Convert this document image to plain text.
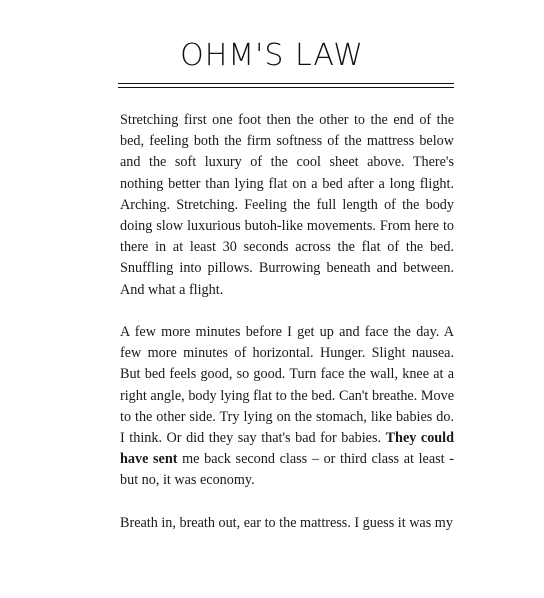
OHM'S LAW

Stretching first one foot then the other to the end of the bed, feeling both the firm softness of the mattress below and the soft luxury of the cool sheet above. There's nothing better than lying flat on a bed after a long flight. Arching. Stretching. Feeling the full length of the body doing slow luxurious butoh-like movements. From here to there in at least 30 seconds across the flat of the bed. Snuffling into pillows. Burrowing beneath and between. And what a flight.

A few more minutes before I get up and face the day. A few more minutes of horizontal. Hunger. Slight nausea. But bed feels good, so good. Turn face the wall, knee at a right angle, body lying flat to the bed. Can't breathe. Move to the other side. Try lying on the stomach, like babies do. I think. Or did they say that's bad for babies. They could have sent me back second class – or third class at least - but no, it was economy.

Breath in, breath out, ear to the mattress. I guess it was my
